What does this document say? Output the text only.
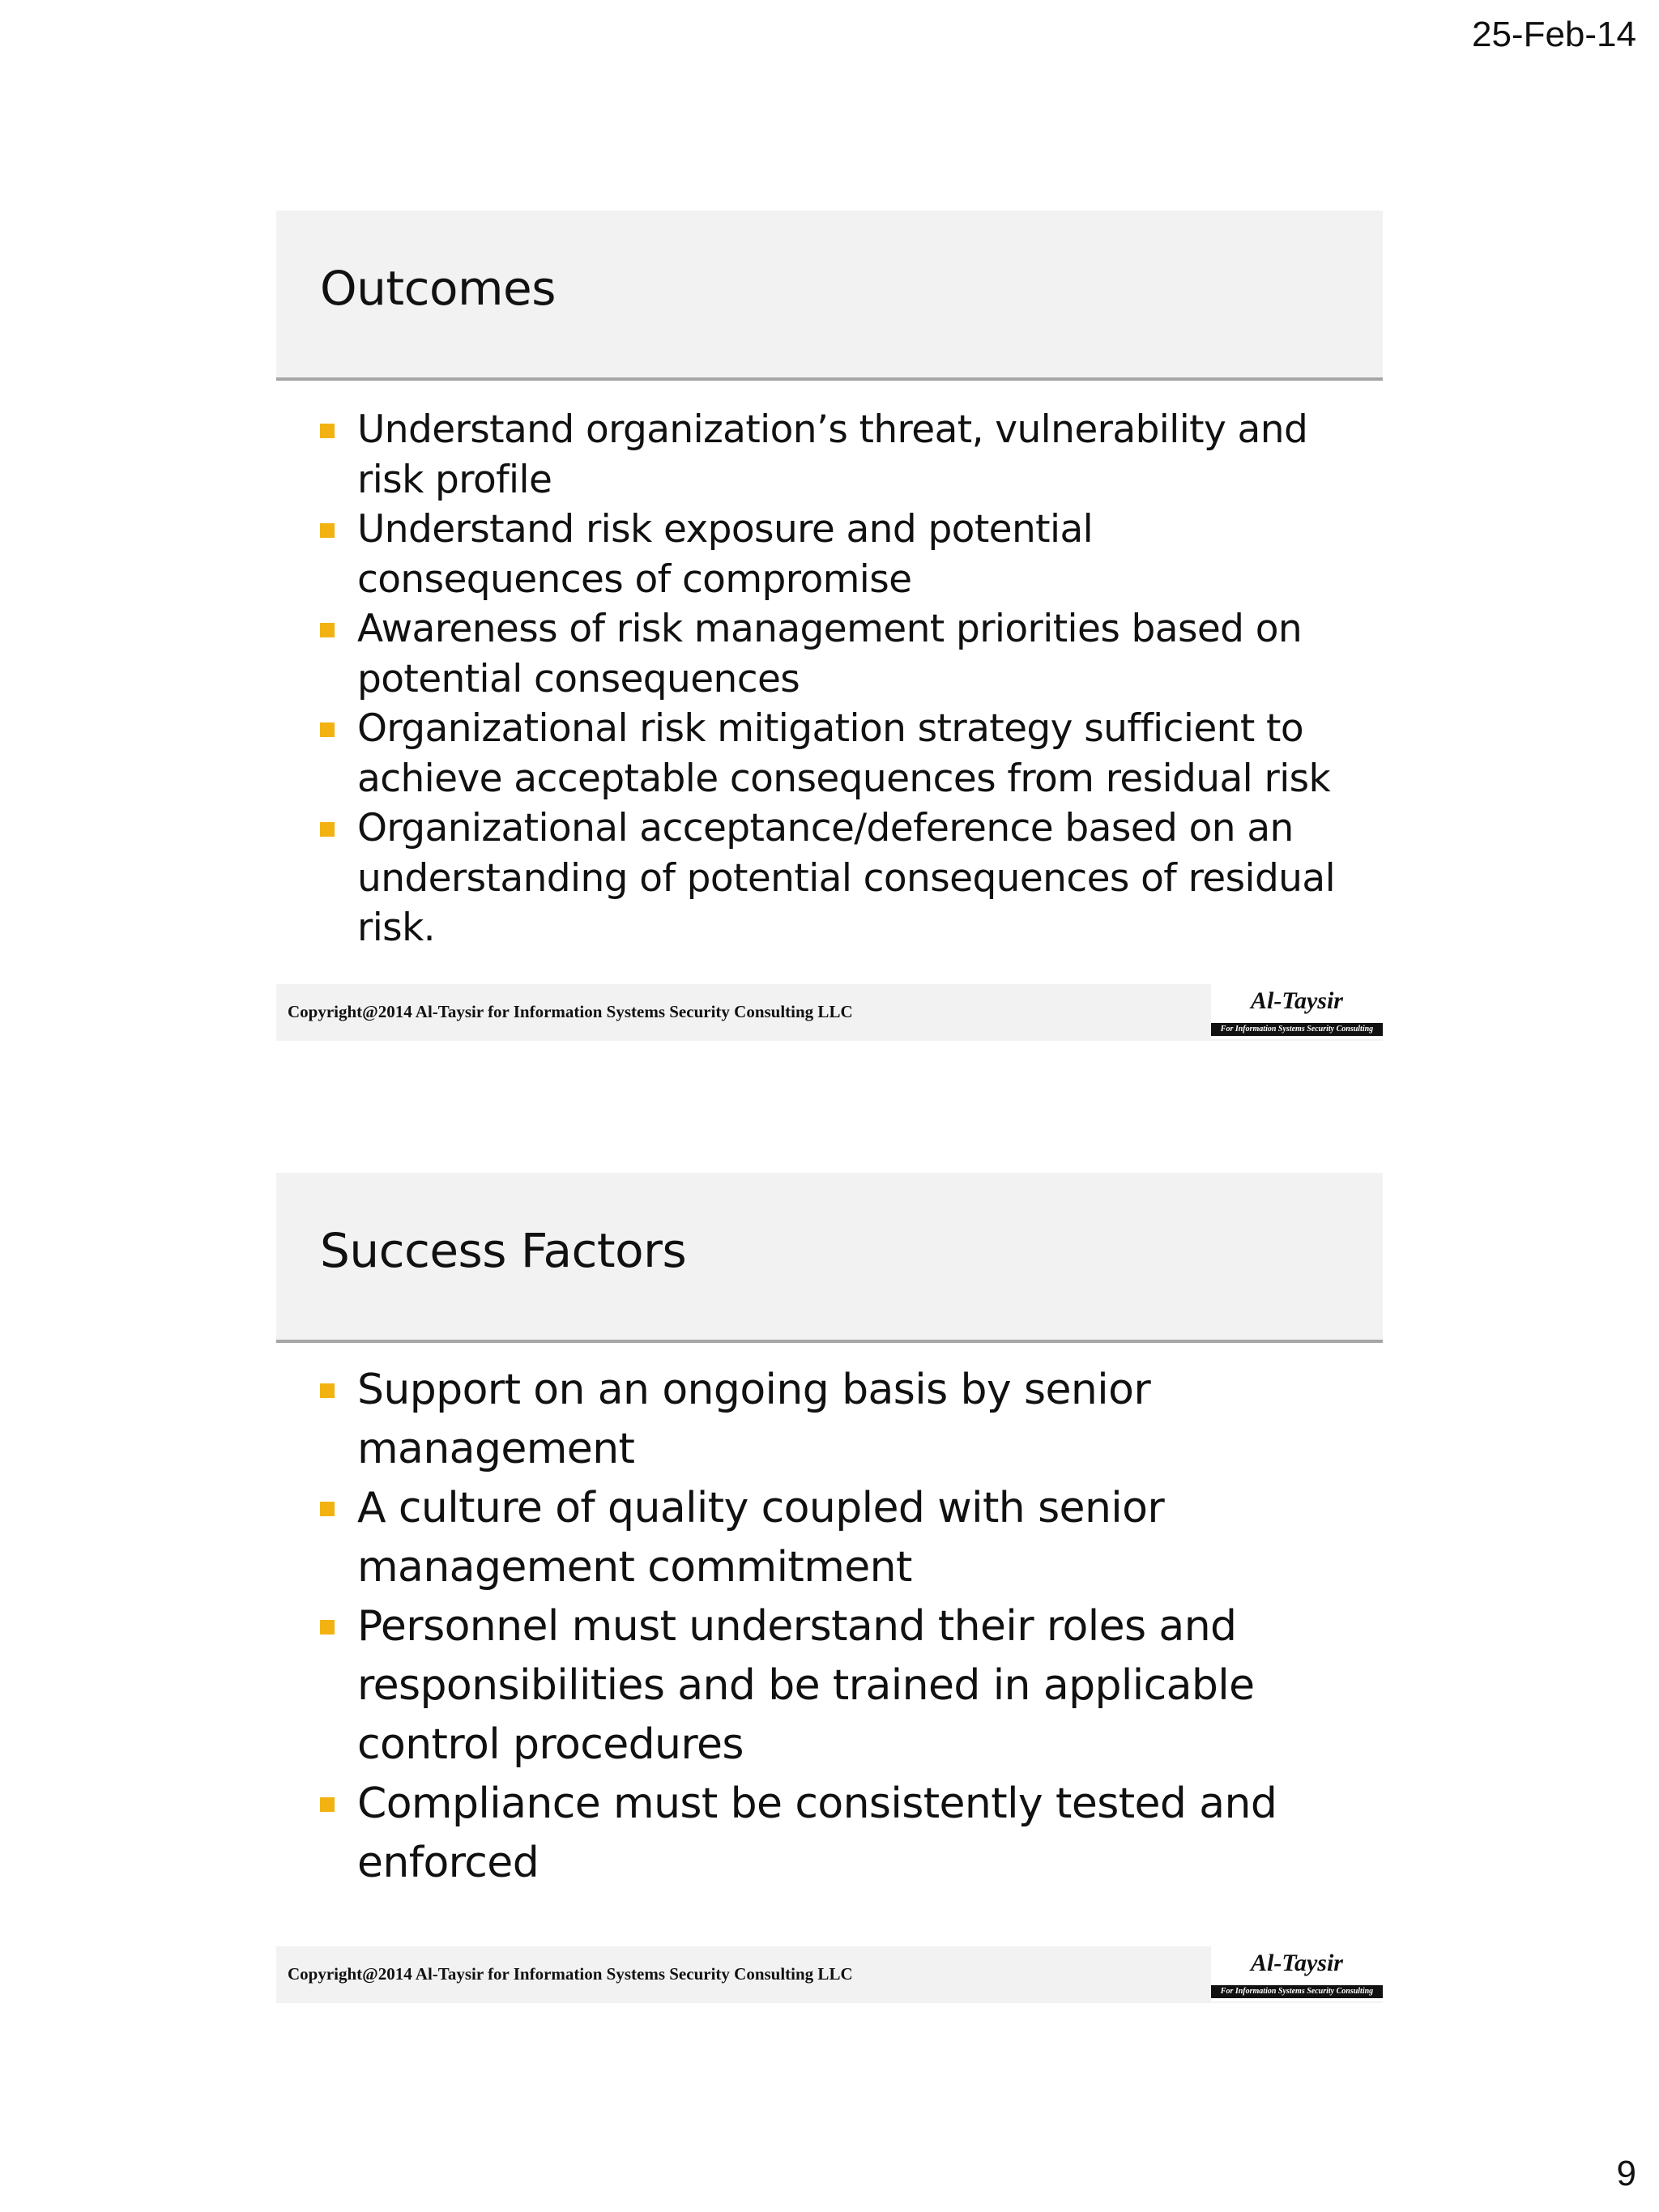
25-Feb-14
Outcomes
Understand organization’s threat, vulnerability and risk profile
Understand risk exposure and potential consequences of compromise
Awareness of risk management priorities based on potential consequences
Organizational risk mitigation strategy sufficient to achieve acceptable consequences from residual risk
Organizational acceptance/deference based on an understanding of potential consequences of residual risk.
Copyright@2014 Al-Taysir for Information Systems Security Consulting LLC	Al-Taysir
For Information Systems Security Consulting
Success Factors
Support on an ongoing basis by senior management
A culture of quality coupled with senior management commitment
Personnel must understand their roles and responsibilities and be trained in applicable control procedures
Compliance must be consistently tested and enforced
Copyright@2014 Al-Taysir for Information Systems Security Consulting LLC	Al-Taysir
For Information Systems Security Consulting
9
